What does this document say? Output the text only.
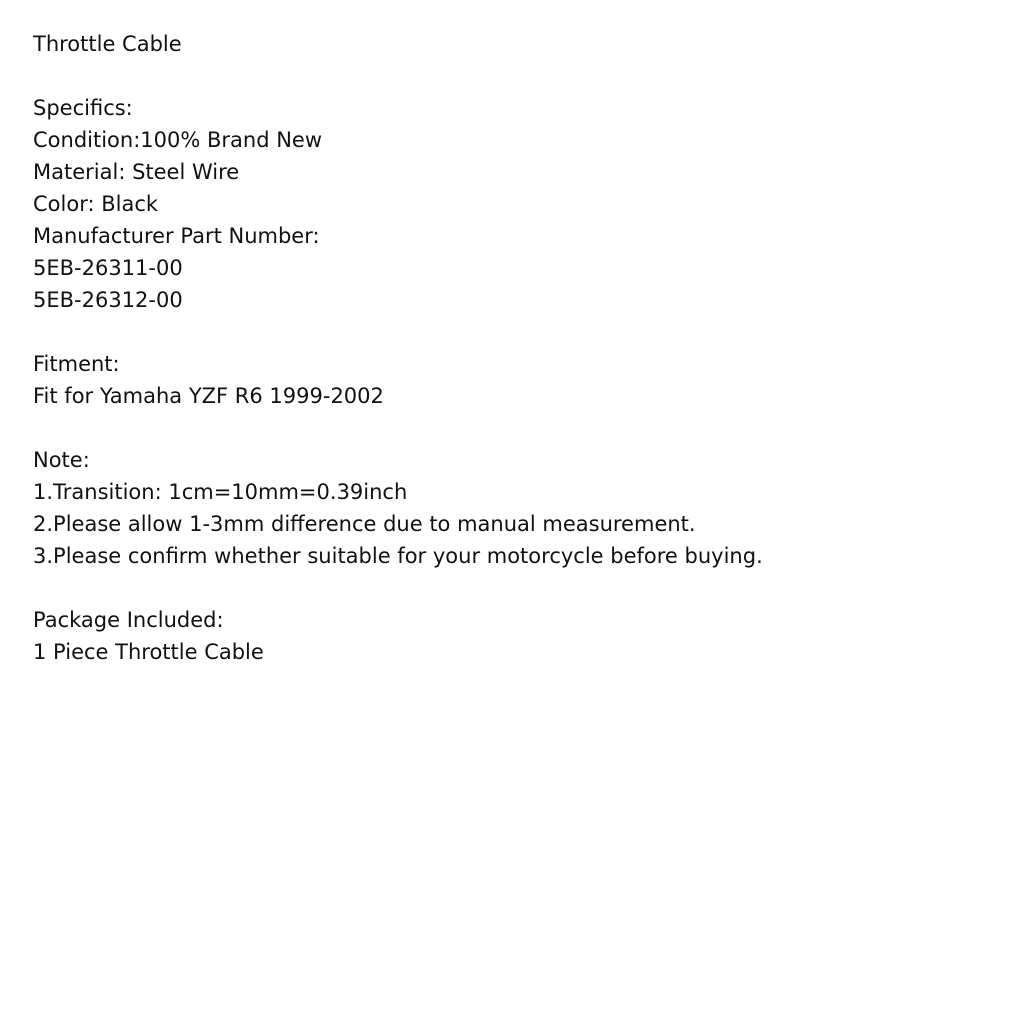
Throttle Cable
Specifics:
Condition:100% Brand New
Material: Steel Wire
Color: Black
Manufacturer Part Number:
5EB-26311-00
5EB-26312-00
Fitment:
Fit for Yamaha YZF R6 1999-2002
Note:
1.Transition: 1cm=10mm=0.39inch
2.Please allow 1-3mm difference due to manual measurement.
3.Please confirm whether suitable for your motorcycle before buying.
Package Included:
1 Piece Throttle Cable
